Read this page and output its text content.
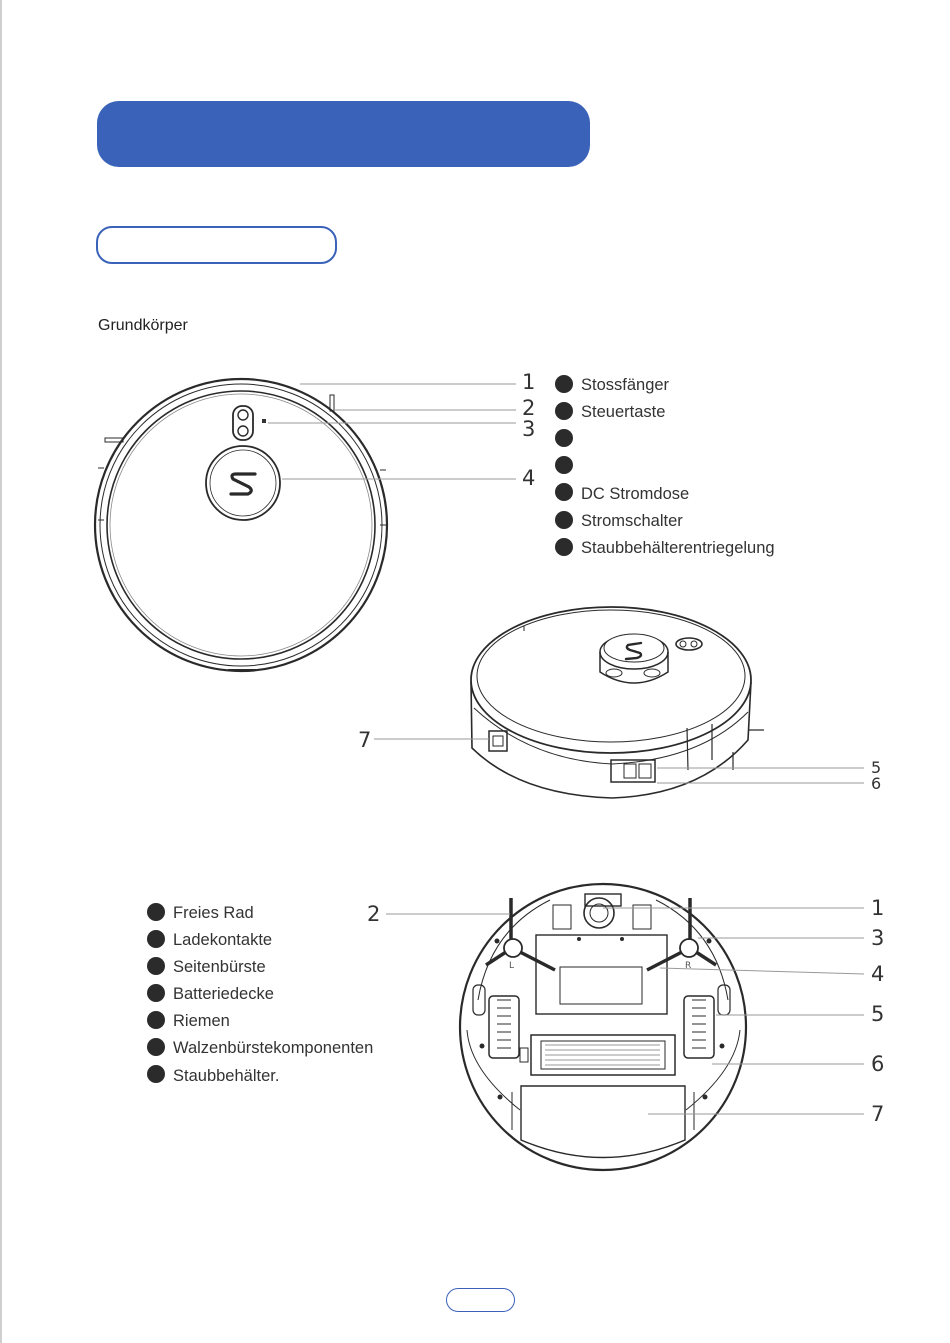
Grundkörper
1
2
3
4
Stossfänger
Steuertaste
DC Stromdose
Stromschalter
Staubbehälterentriegelung
7
5
6
L	R
2	1
3
4
5
6
7
Freies Rad
Ladekontakte
Seitenbürste
Batteriedecke
Riemen
Walzenbürstekomponenten
Staubbehälter.
